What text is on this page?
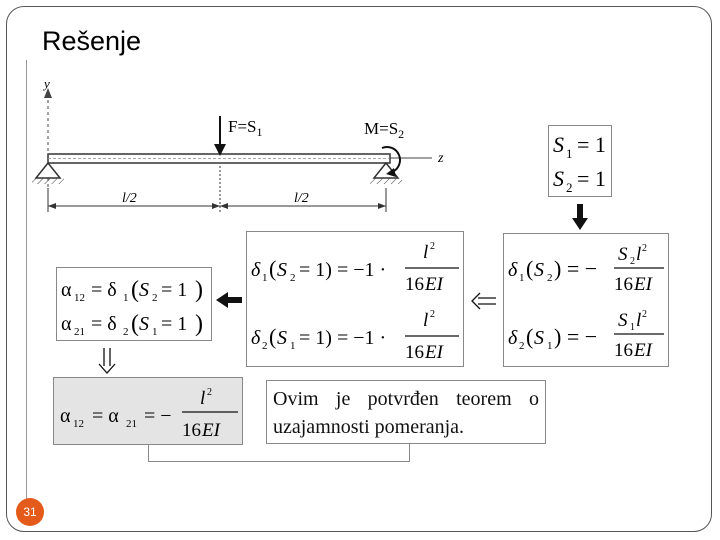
Rešenje
31
y
z
$F=S_1$	$M=S_2$
l/2	l/2
S 1 = 1
S 2 = 1
δ 1 ( S 2 ) = −
S 2 l 2
16 EI
δ 2 ( S 1 ) = −
S 1 l 2
16 EI
δ 1 ( S 2 = 1) = −1 ·
l 2
16 EI
δ 2 ( S 1 = 1) = −1 ·
l 2
16 EI
α 12 = δ 1 ( S 2 = 1 )
α 21 = δ 2 ( S 1 = 1 )
α 12 = α 21 = −
l 2
16 EI
Ovim je potvrđen teorem o uzajamnosti pomeranja.
